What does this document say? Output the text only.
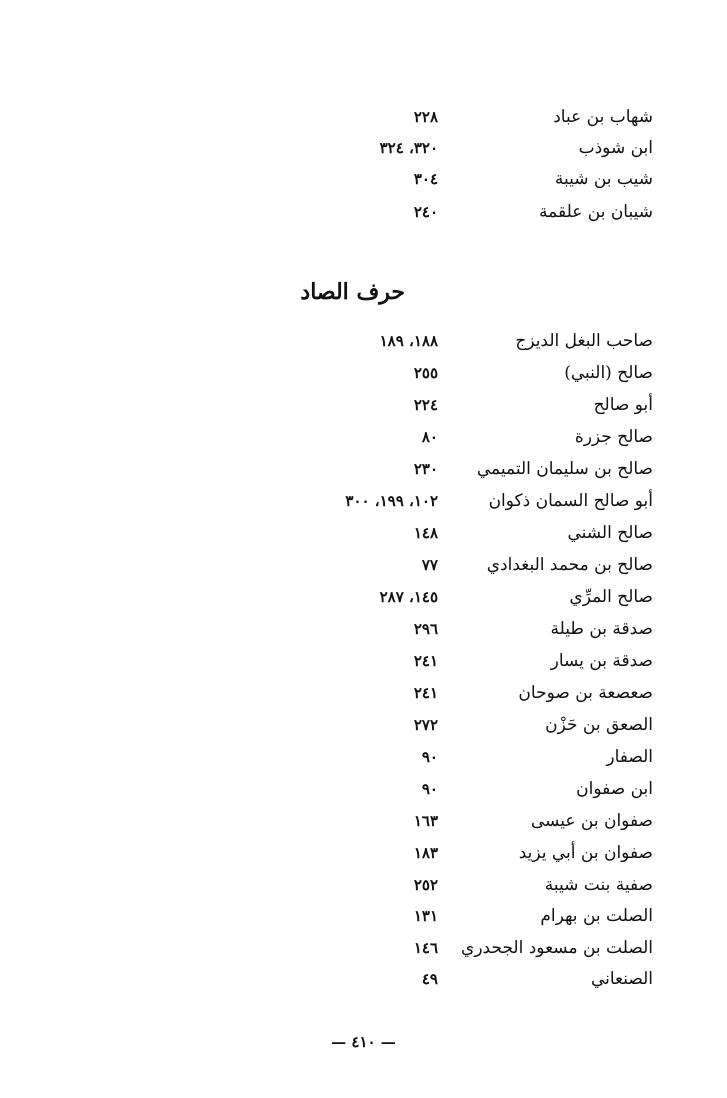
شهاب بن عباد
٢٢٨
ابن شوذب
٣٢٠، ٣٢٤
شيب بن شيبة
٣٠٤
شيبان بن علقمة
٢٤٠
حرف الصاد
صاحب البغل الديزج
١٨٨، ١٨٩
صالح (النبي)
٢٥٥
أبو صالح
٢٢٤
صالح جزرة
٨٠
صالح بن سليمان التميمي
٢٣٠
أبو صالح السمان ذكوان
١٠٢، ١٩٩، ٣٠٠
صالح الشني
١٤٨
صالح بن محمد البغدادي
٧٧
صالح المرِّي
١٤٥، ٢٨٧
صدقة بن طيلة
٢٩٦
صدقة بن يسار
٢٤١
صعصعة بن صوحان
٢٤١
الصعق بن حَزْن
٢٧٢
الصفار
٩٠
ابن صفوان
٩٠
صفوان بن عيسى
١٦٣
صفوان بن أبي يزيد
١٨٣
صفية بنت شيبة
٢٥٢
الصلت بن بهرام
١٣١
الصلت بن مسعود الجحدري
١٤٦
الصنعاني
٤٩
— ٤١٠ —
